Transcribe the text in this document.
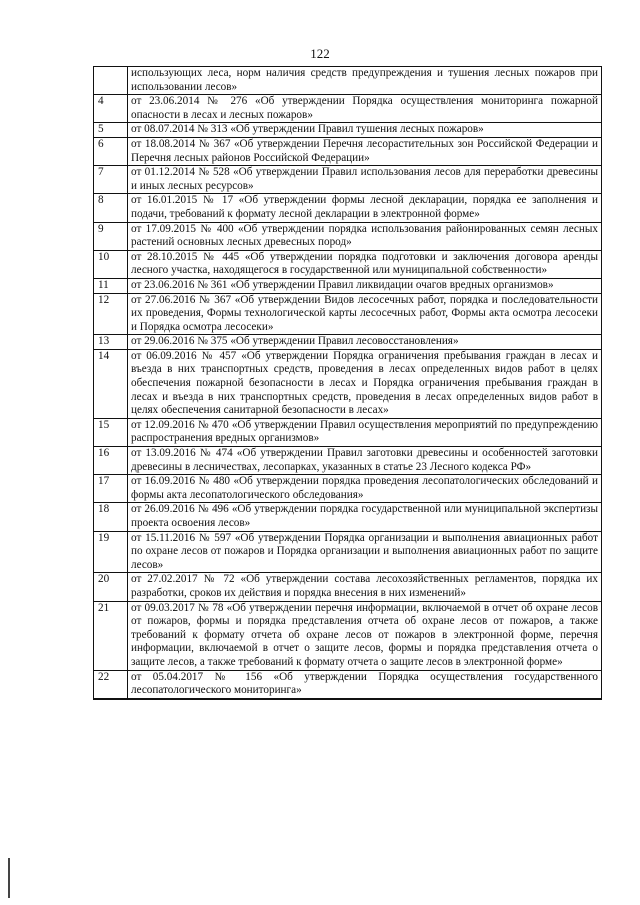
122
	использующих леса, норм наличия средств предупреждения и тушения лесных пожаров при использовании лесов»
4	от 23.06.2014 № 276 «Об утверждении Порядка осуществления мониторинга пожарной опасности в лесах и лесных пожаров»
5	от 08.07.2014 № 313 «Об утверждении Правил тушения лесных пожаров»
6	от 18.08.2014 № 367 «Об утверждении Перечня лесорастительных зон Российской Федерации и Перечня лесных районов Российской Федерации»
7	от 01.12.2014 № 528 «Об утверждении Правил использования лесов для переработки древесины и иных лесных ресурсов»
8	от 16.01.2015 № 17 «Об утверждении формы лесной декларации, порядка ее заполнения и подачи, требований к формату лесной декларации в электронной форме»
9	от 17.09.2015 № 400 «Об утверждении порядка использования районированных семян лесных растений основных лесных древесных пород»
10	от 28.10.2015 № 445 «Об утверждении порядка подготовки и заключения договора аренды лесного участка, находящегося в государственной или муниципальной собственности»
11	от 23.06.2016 № 361 «Об утверждении Правил ликвидации очагов вредных организмов»
12	от 27.06.2016 № 367 «Об утверждении Видов лесосечных работ, порядка и последовательности их проведения, Формы технологической карты лесосечных работ, Формы акта осмотра лесосеки и Порядка осмотра лесосеки»
13	от 29.06.2016 № 375 «Об утверждении Правил лесовосстановления»
14	от 06.09.2016 № 457 «Об утверждении Порядка ограничения пребывания граждан в лесах и въезда в них транспортных средств, проведения в лесах определенных видов работ в целях обеспечения пожарной безопасности в лесах и Порядка ограничения пребывания граждан в лесах и въезда в них транспортных средств, проведения в лесах определенных видов работ в целях обеспечения санитарной безопасности в лесах»
15	от 12.09.2016 № 470 «Об утверждении Правил осуществления мероприятий по предупреждению распространения вредных организмов»
16	от 13.09.2016 № 474 «Об утверждении Правил заготовки древесины и особенностей заготовки древесины в лесничествах, лесопарках, указанных в статье 23 Лесного кодекса РФ»
17	от 16.09.2016 № 480 «Об утверждении порядка проведения лесопатологических обследований и формы акта лесопатологического обследования»
18	от 26.09.2016 № 496 «Об утверждении порядка государственной или муниципальной экспертизы проекта освоения лесов»
19	от 15.11.2016 № 597 «Об утверждении Порядка организации и выполнения авиационных работ по охране лесов от пожаров и Порядка организации и выполнения авиационных работ по защите лесов»
20	от 27.02.2017 № 72 «Об утверждении состава лесохозяйственных регламентов, порядка их разработки, сроков их действия и порядка внесения в них изменений»
21	от 09.03.2017 № 78 «Об утверждении перечня информации, включаемой в отчет об охране лесов от пожаров, формы и порядка представления отчета об охране лесов от пожаров, а также требований к формату отчета об охране лесов от пожаров в электронной форме, перечня информации, включаемой в отчет о защите лесов, формы и порядка представления отчета о защите лесов, а также требований к формату отчета о защите лесов в электронной форме»
22	от 05.04.2017 № 156 «Об утверждении Порядка осуществления государственного лесопатологического мониторинга»
